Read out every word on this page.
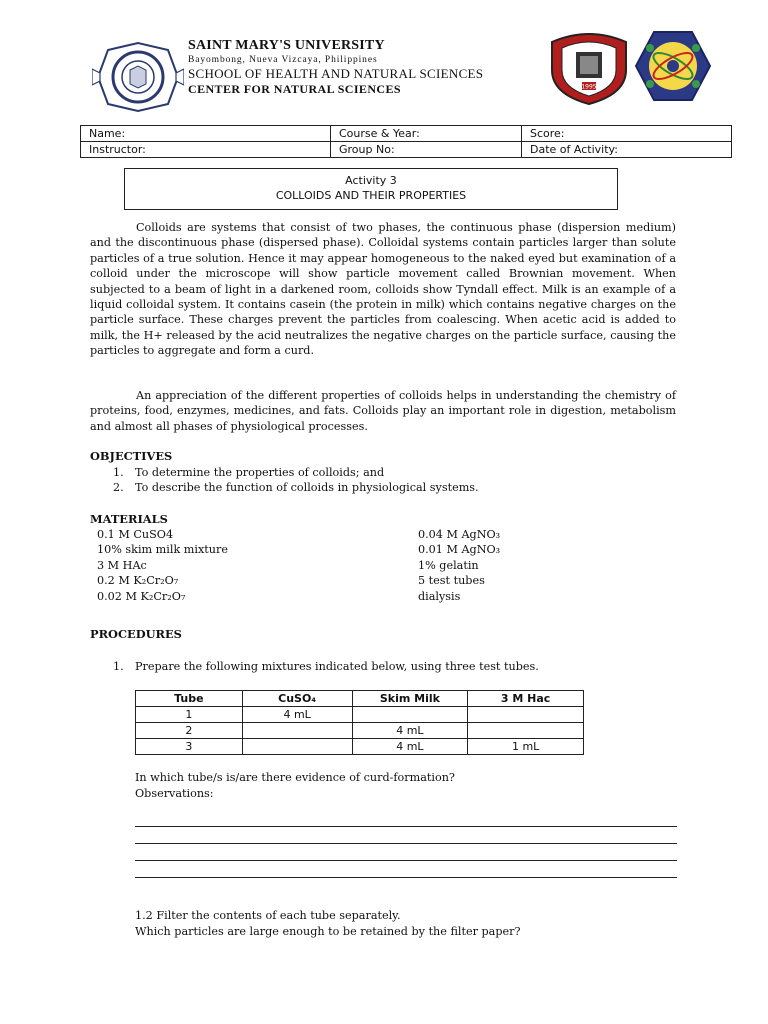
SAINT MARY'S UNIVERSITY
Bayombong, Nueva Vizcaya, Philippines
SCHOOL OF HEALTH AND NATURAL SCIENCES
CENTER FOR NATURAL SCIENCES	1995
Name:	Course & Year:	Score:
Instructor:	Group No:	Date of Activity:
Activity 3
COLLOIDS AND THEIR PROPERTIES

Colloids are systems that consist of two phases, the continuous phase (dispersion medium) and the discontinuous phase (dispersed phase). Colloidal systems contain particles larger than solute particles of a true solution. Hence it may appear homogeneous to the naked eyed but examination of a colloid under the microscope will show particle movement called Brownian movement. When subjected to a beam of light in a darkened room, colloids show Tyndall effect. Milk is an example of a liquid colloidal system. It contains casein (the protein in milk) which contains negative charges on the particle surface. These charges prevent the particles from coalescing. When acetic acid is added to milk, the H+ released by the acid neutralizes the negative charges on the particle surface, causing the particles to aggregate and form a curd.

An appreciation of the different properties of colloids helps in understanding the chemistry of proteins, food, enzymes, medicines, and fats. Colloids play an important role in digestion, metabolism and almost all phases of physiological processes.

OBJECTIVES
1. To determine the properties of colloids; and
2. To describe the function of colloids in physiological systems.
MATERIALS
0.1 M CuSO4
10% skim milk mixture
3 M HAc
0.2 M K₂Cr₂O₇
0.02 M K₂Cr₂O₇
0.04 M AgNO₃
0.01 M AgNO₃
1% gelatin
5 test tubes
dialysis
PROCEDURES
1. Prepare the following mixtures indicated below, using three test tubes.
Tube	CuSO₄	Skim Milk	3 M Hac
1	4 mL		
2		4 mL	
3		4 mL	1 mL
In which tube/s is/are there evidence of curd-formation?
Observations:
1.2 Filter the contents of each tube separately.
Which particles are large enough to be retained by the filter paper?
